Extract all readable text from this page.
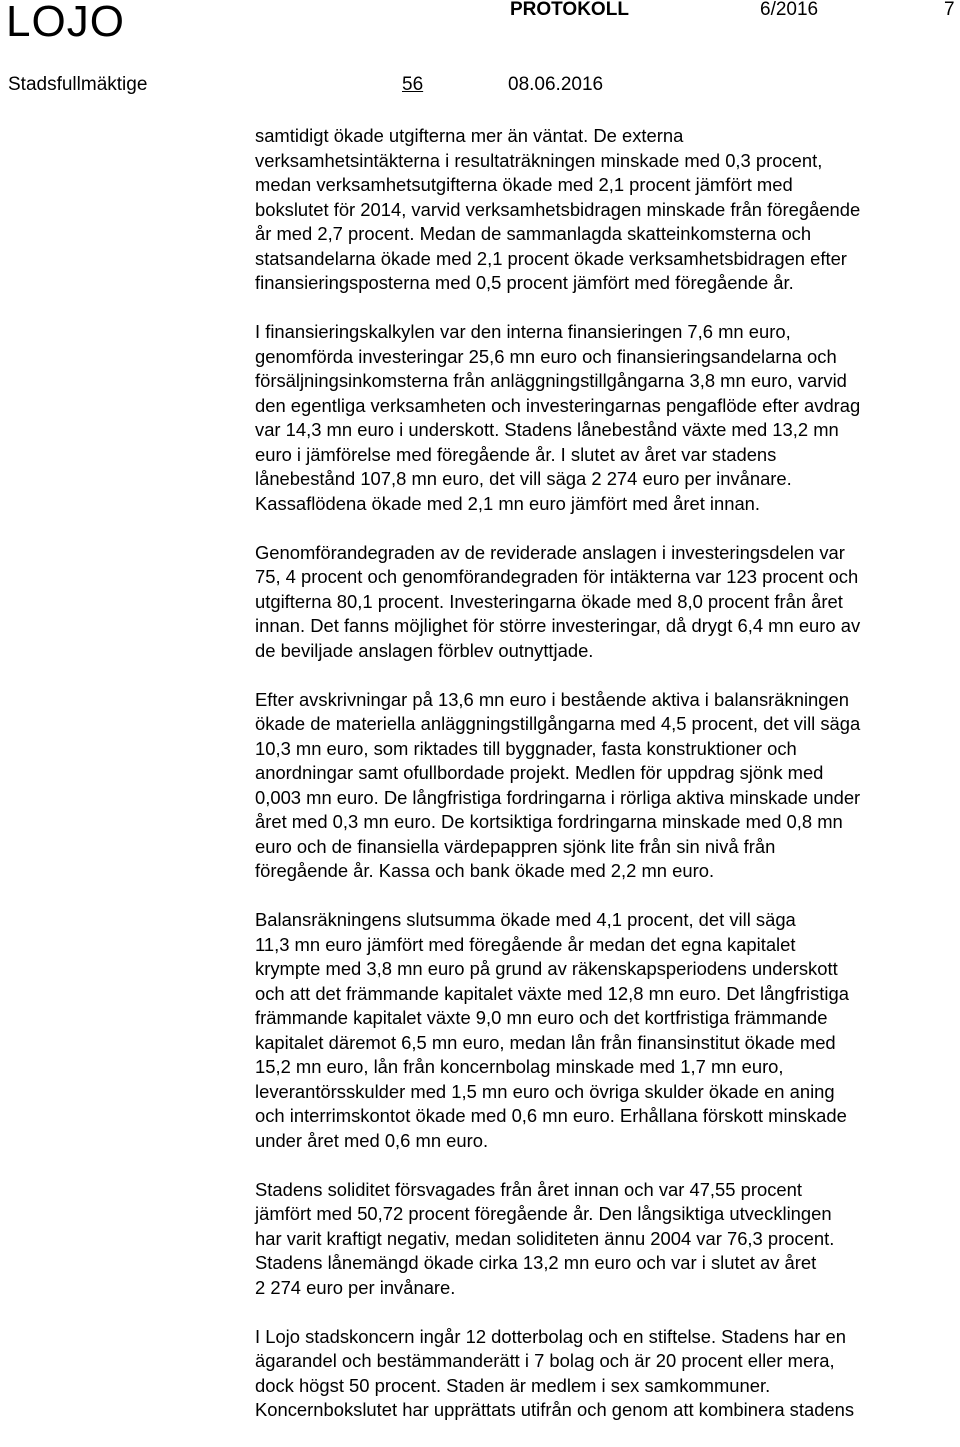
LOJO	PROTOKOLL	6/2016	7
Stadsfullmäktige	56	08.06.2016

samtidigt ökade utgifterna mer än väntat. De externa
verksamhetsintäkterna i resultaträkningen minskade med 0,3 procent,
medan verksamhetsutgifterna ökade med 2,1 procent jämfört med
bokslutet för 2014, varvid verksamhetsbidragen minskade från föregående
år med 2,7 procent. Medan de sammanlagda skatteinkomsterna och
statsandelarna ökade med 2,1 procent ökade verksamhetsbidragen efter
finansieringsposterna med 0,5 procent jämfört med föregående år.

I finansieringskalkylen var den interna finansieringen 7,6 mn euro,
genomförda investeringar 25,6 mn euro och finansieringsandelarna och
försäljningsinkomsterna från anläggningstillgångarna 3,8 mn euro, varvid
den egentliga verksamheten och investeringarnas pengaflöde efter avdrag
var 14,3 mn euro i underskott. Stadens lånebestånd växte med 13,2 mn
euro i jämförelse med föregående år. I slutet av året var stadens
lånebestånd 107,8 mn euro, det vill säga 2 274 euro per invånare.
Kassaflödena ökade med 2,1 mn euro jämfört med året innan.

Genomförandegraden av de reviderade anslagen i investeringsdelen var
75, 4 procent och genomförandegraden för intäkterna var 123 procent och
utgifterna 80,1 procent. Investeringarna ökade med 8,0 procent från året
innan. Det fanns möjlighet för större investeringar, då drygt 6,4 mn euro av
de beviljade anslagen förblev outnyttjade.

Efter avskrivningar på 13,6 mn euro i bestående aktiva i balansräkningen
ökade de materiella anläggningstillgångarna med 4,5 procent, det vill säga
10,3 mn euro, som riktades till byggnader, fasta konstruktioner och
anordningar samt ofullbordade projekt. Medlen för uppdrag sjönk med
0,003 mn euro. De långfristiga fordringarna i rörliga aktiva minskade under
året med 0,3 mn euro. De kortsiktiga fordringarna minskade med 0,8 mn
euro och de finansiella värdepappren sjönk lite från sin nivå från
föregående år. Kassa och bank ökade med 2,2 mn euro.

Balansräkningens slutsumma ökade med 4,1 procent, det vill säga
11,3 mn euro jämfört med föregående år medan det egna kapitalet
krympte med 3,8 mn euro på grund av räkenskapsperiodens underskott
och att det främmande kapitalet växte med 12,8 mn euro. Det långfristiga
främmande kapitalet växte 9,0 mn euro och det kortfristiga främmande
kapitalet däremot 6,5 mn euro, medan lån från finansinstitut ökade med
15,2 mn euro, lån från koncernbolag minskade med 1,7 mn euro,
leverantörsskulder med 1,5 mn euro och övriga skulder ökade en aning
och interrimskontot ökade med 0,6 mn euro. Erhållana förskott minskade
under året med 0,6 mn euro.

Stadens soliditet försvagades från året innan och var 47,55 procent
jämfört med 50,72 procent föregående år. Den långsiktiga utvecklingen
har varit kraftigt negativ, medan soliditeten ännu 2004 var 76,3 procent.
Stadens lånemängd ökade cirka 13,2 mn euro och var i slutet av året
2 274 euro per invånare.

I Lojo stadskoncern ingår 12 dotterbolag och en stiftelse. Stadens har en
ägarandel och bestämmanderätt i 7 bolag och är 20 procent eller mera,
dock högst 50 procent. Staden är medlem i sex samkommuner.
Koncernbokslutet har upprättats utifrån och genom att kombinera stadens
